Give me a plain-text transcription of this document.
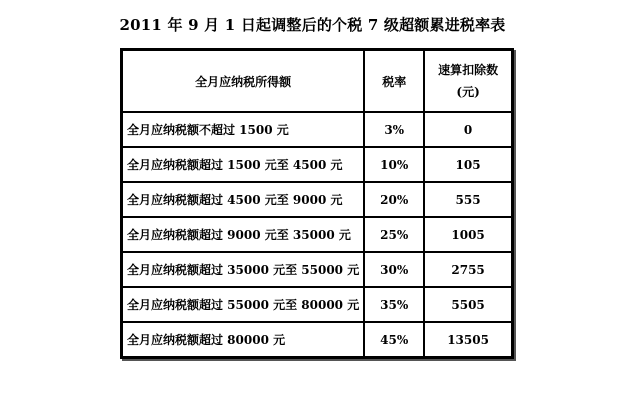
2011 年 9 月 1 日起调整后的个税 7 级超额累进税率表
全月应纳税所得额	税率	速算扣除数
(元)

全月应纳税额不超过 1500 元	3%	0
全月应纳税额超过 1500 元至 4500 元	10%	105
全月应纳税额超过 4500 元至 9000 元	20%	555
全月应纳税额超过 9000 元至 35000 元	25%	1005
全月应纳税额超过 35000 元至 55000 元	30%	2755
全月应纳税额超过 55000 元至 80000 元	35%	5505
全月应纳税额超过 80000 元	45%	13505
